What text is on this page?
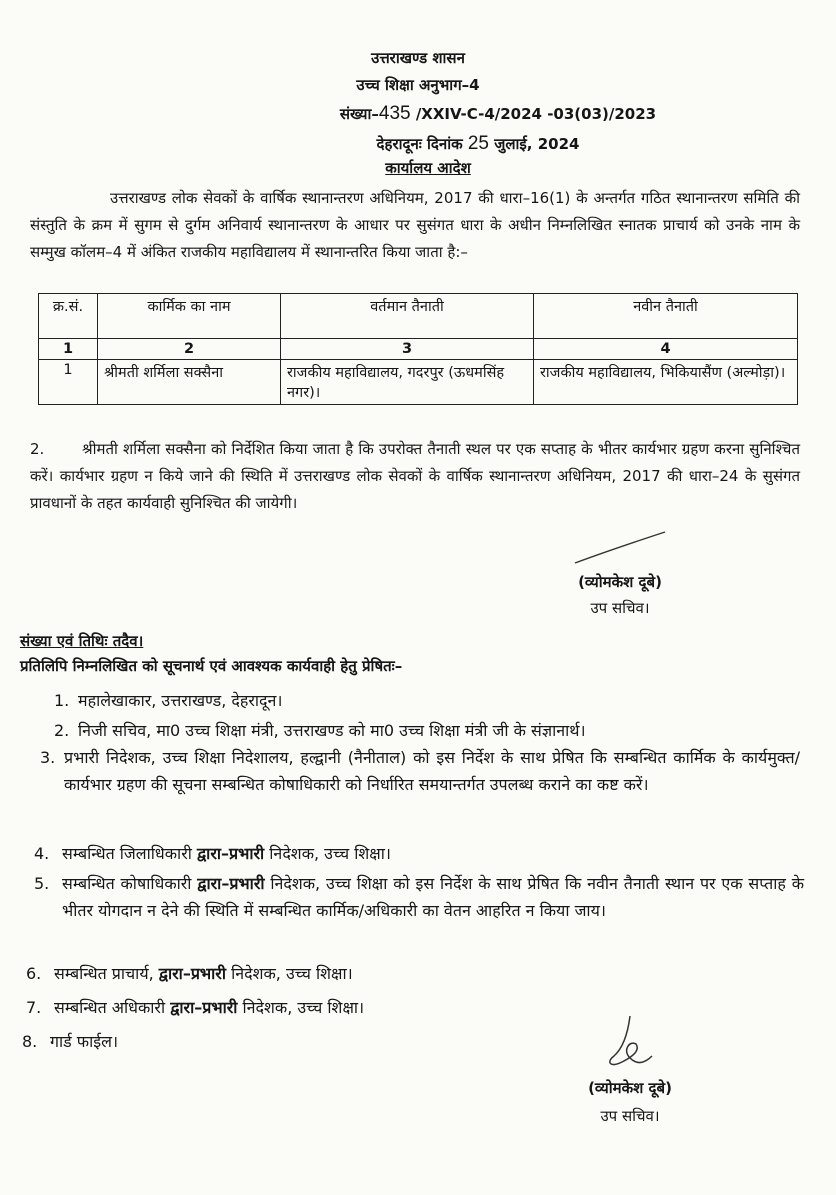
उत्तराखण्ड शासन
उच्च शिक्षा अनुभाग–4
संख्या–435 /XXIV-C-4/2024 -03(03)/2023
देहरादूनः दिनांक 25 जुलाई, 2024
कार्यालय आदेश
उत्तराखण्ड लोक सेवकों के वार्षिक स्थानान्तरण अधिनियम, 2017 की धारा–16(1) के अन्तर्गत गठित स्थानान्तरण समिति की संस्तुति के क्रम में सुगम से दुर्गम अनिवार्य स्थानान्तरण के आधार पर सुसंगत धारा के अधीन निम्नलिखित स्नातक प्राचार्य को उनके नाम के सम्मुख कॉलम–4 में अंकित राजकीय महाविद्यालय में स्थानान्तरित किया जाता है:–
क्र.सं.	कार्मिक का नाम	वर्तमान तैनाती	नवीन तैनाती
1	2	3	4
1	श्रीमती शर्मिला सक्सैना	राजकीय महाविद्यालय, गदरपुर (ऊधमसिंह नगर)।	राजकीय महाविद्यालय, भिकियासैंण (अल्मोड़ा)।
2.	श्रीमती शर्मिला सक्सैना को निर्देशित किया जाता है कि उपरोक्त तैनाती स्थल पर एक सप्ताह के भीतर कार्यभार ग्रहण करना सुनिश्चित करें। कार्यभार ग्रहण न किये जाने की स्थिति में उत्तराखण्ड लोक सेवकों के वार्षिक स्थानान्तरण अधिनियम, 2017 की धारा–24 के सुसंगत प्रावधानों के तहत कार्यवाही सुनिश्चित की जायेगी।
(व्योमकेश दूबे)
उप सचिव।
संख्या एवं तिथिः तदैव।
प्रतिलिपि निम्नलिखित को सूचनार्थ एवं आवश्यक कार्यवाही हेतु प्रेषितः–
1. महालेखाकार, उत्तराखण्ड, देहरादून।
2. निजी सचिव, मा0 उच्च शिक्षा मंत्री, उत्तराखण्ड को मा0 उच्च शिक्षा मंत्री जी के संज्ञानार्थ।
3. प्रभारी निदेशक, उच्च शिक्षा निदेशालय, हल्द्वानी (नैनीताल) को इस निर्देश के साथ प्रेषित कि सम्बन्धित कार्मिक के कार्यमुक्त/कार्यभार ग्रहण की सूचना सम्बन्धित कोषाधिकारी को निर्धारित समयान्तर्गत उपलब्ध कराने का कष्ट करें।
4. सम्बन्धित जिलाधिकारी द्वारा–प्रभारी निदेशक, उच्च शिक्षा।
5. सम्बन्धित कोषाधिकारी द्वारा–प्रभारी निदेशक, उच्च शिक्षा को इस निर्देश के साथ प्रेषित कि नवीन तैनाती स्थान पर एक सप्ताह के भीतर योगदान न देने की स्थिति में सम्बन्धित कार्मिक/अधिकारी का वेतन आहरित न किया जाय।
6. सम्बन्धित प्राचार्य, द्वारा–प्रभारी निदेशक, उच्च शिक्षा।
7. सम्बन्धित अधिकारी द्वारा–प्रभारी निदेशक, उच्च शिक्षा।
8. गार्ड फाईल।
(व्योमकेश दूबे)
उप सचिव।
